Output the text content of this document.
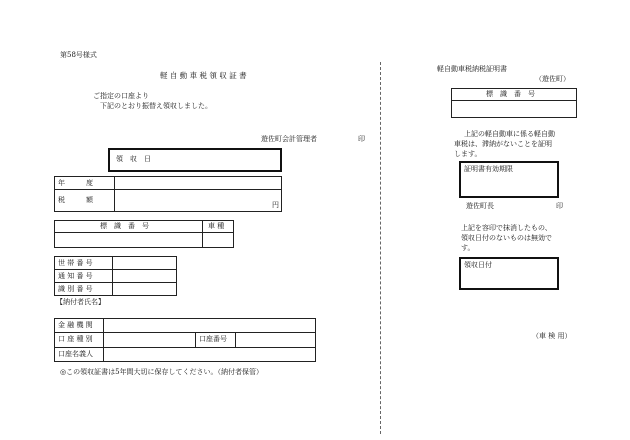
第58号様式
軽 自 動 車 税 領 収 証 書
ご指定の口座より
下記のとおり振替え領収しました。
遊佐町会計管理者	印
領　収　日
年　　　度
税　　　額
円
標　識　番　号	車 種
世 帯 番 号
通 知 番 号
識 別 番 号
【納付者氏名】
金 融 機 関
口 座 種 別	口座番号
口座名義人
◎この領収証書は5年間大切に保存してください。（納付者保管）
軽自動車税納税証明書
（遊佐町）
標　識　番　号
上記の軽自動車に係る軽自動
車税は、滞納がないことを証明
します。
証明書有効期限
遊佐町長	印
上記を容印で抹消したもの、
領収日付のないものは無効で
す。
領収日付
（車 検 用）
